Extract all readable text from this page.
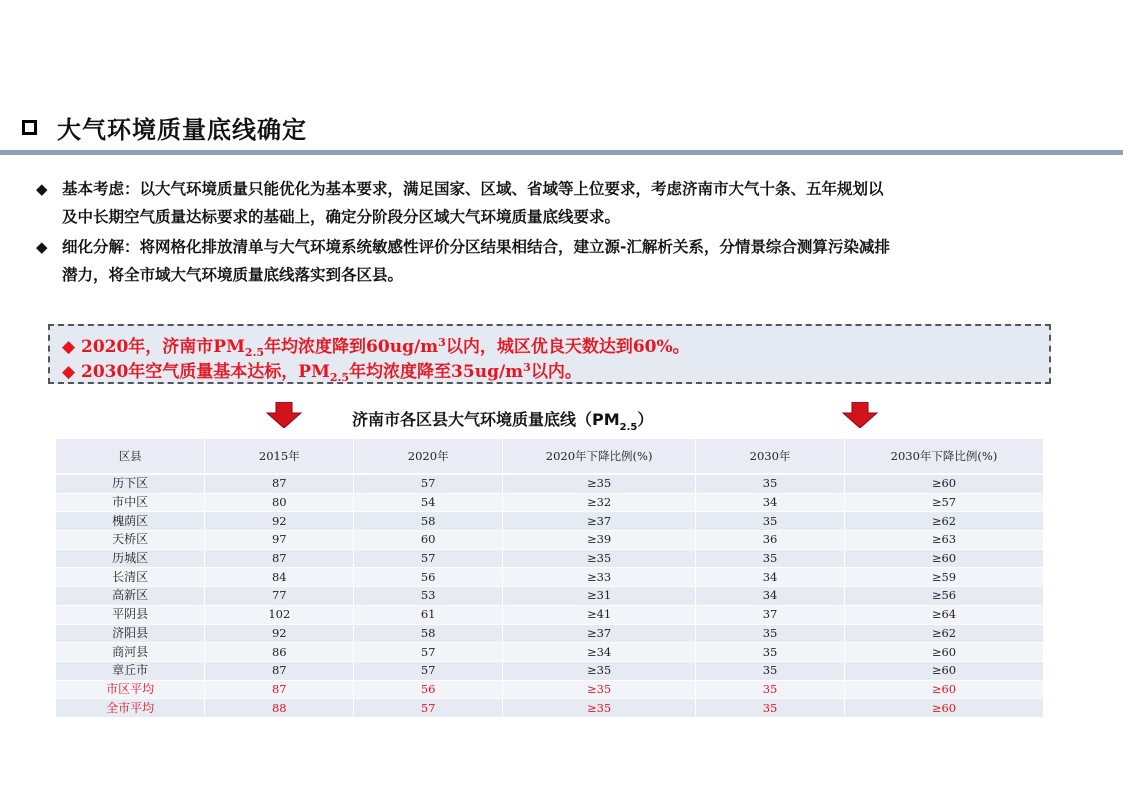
大气环境质量底线确定
◆ 基本考虑：以大气环境质量只能优化为基本要求，满足国家、区域、省域等上位要求，考虑济南市大气十条、五年规划以
及中长期空气质量达标要求的基础上，确定分阶段分区域大气环境质量底线要求。
◆ 细化分解：将网格化排放清单与大气环境系统敏感性评价分区结果相结合，建立源-汇解析关系，分情景综合测算污染减排
潜力，将全市域大气环境质量底线落实到各区县。
◆ 2020年，济南市$PM_{2.5}$年均浓度降到$60ug/m^3$以内，城区优良天数达到60%。
◆ 2030年空气质量基本达标，$PM_{2.5}$年均浓度降至$35ug/m^3$以内。
济南市各区县大气环境质量底线$(PM_{2.5})$
区县	2015年	2020年	2020年下降比例(%)	2030年	2030年下降比例(%)
历下区	87	57	≥35	35	≥60
市中区	80	54	≥32	34	≥57
槐荫区	92	58	≥37	35	≥62
天桥区	97	60	≥39	36	≥63
历城区	87	57	≥35	35	≥60
长清区	84	56	≥33	34	≥59
高新区	77	53	≥31	34	≥56
平阴县	102	61	≥41	37	≥64
济阳县	92	58	≥37	35	≥62
商河县	86	57	≥34	35	≥60
章丘市	87	57	≥35	35	≥60
市区平均	87	56	≥35	35	≥60
全市平均	88	57	≥35	35	≥60
